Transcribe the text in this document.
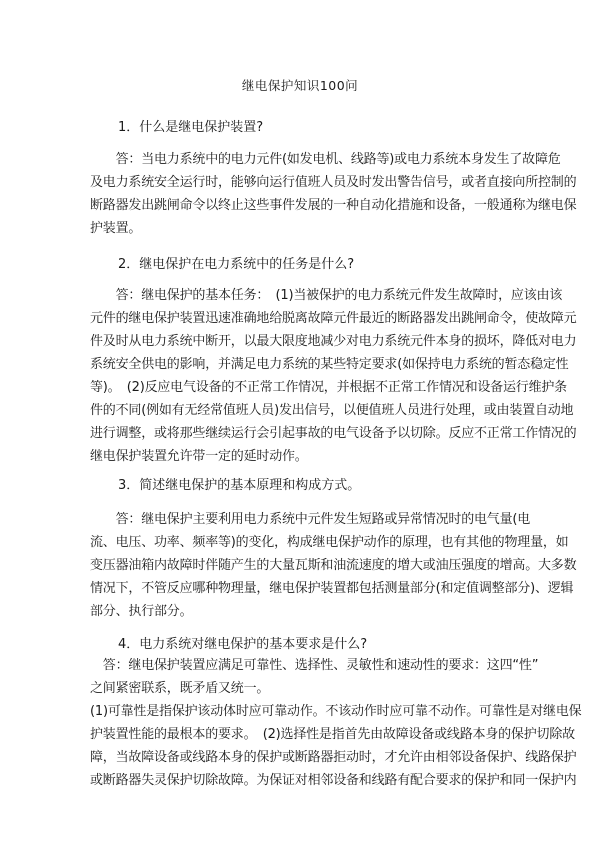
继电保护知识100问
1．什么是继电保护装置?
　　答：当电力系统中的电力元件(如发电机、线路等)或电力系统本身发生了故障危
及电力系统安全运行时，能够向运行值班人员及时发出警告信号，或者直接向所控制的
断路器发出跳闸命令以终止这些事件发展的一种自动化措施和设备，一般通称为继电保
护装置。
2．继电保护在电力系统中的任务是什么?
　　答：继电保护的基本任务：　(1)当被保护的电力系统元件发生故障时，应该由该
元件的继电保护装置迅速准确地给脱离故障元件最近的断路器发出跳闸命令，使故障元
件及时从电力系统中断开，以最大限度地减少对电力系统元件本身的损坏，降低对电力
系统安全供电的影响，并满足电力系统的某些特定要求(如保持电力系统的暂态稳定性
等)。　(2)反应电气设备的不正常工作情况，并根据不正常工作情况和设备运行维护条
件的不同(例如有无经常值班人员)发出信号，以便值班人员进行处理，或由装置自动地
进行调整，或将那些继续运行会引起事故的电气设备予以切除。反应不正常工作情况的
继电保护装置允许带一定的延时动作。
3．简述继电保护的基本原理和构成方式。
　　答：继电保护主要利用电力系统中元件发生短路或异常情况时的电气量(电
流、电压、功率、频率等)的变化，构成继电保护动作的原理，也有其他的物理量，如
变压器油箱内故障时伴随产生的大量瓦斯和油流速度的增大或油压强度的增高。大多数
情况下，不管反应哪种物理量，继电保护装置都包括测量部分(和定值调整部分)、逻辑
部分、执行部分。
4．电力系统对继电保护的基本要求是什么?
　答：继电保护装置应满足可靠性、选择性、灵敏性和速动性的要求：这四“性”
之间紧密联系，既矛盾又统一。
(1)可靠性是指保护该动体时应可靠动作。不该动作时应可靠不动作。可靠性是对继电保
护装置性能的最根本的要求。　(2)选择性是指首先由故障设备或线路本身的保护切除故
障，当故障设备或线路本身的保护或断路器拒动时，才允许由相邻设备保护、线路保护
或断路器失灵保护切除故障。为保证对相邻设备和线路有配合要求的保护和同一保护内
